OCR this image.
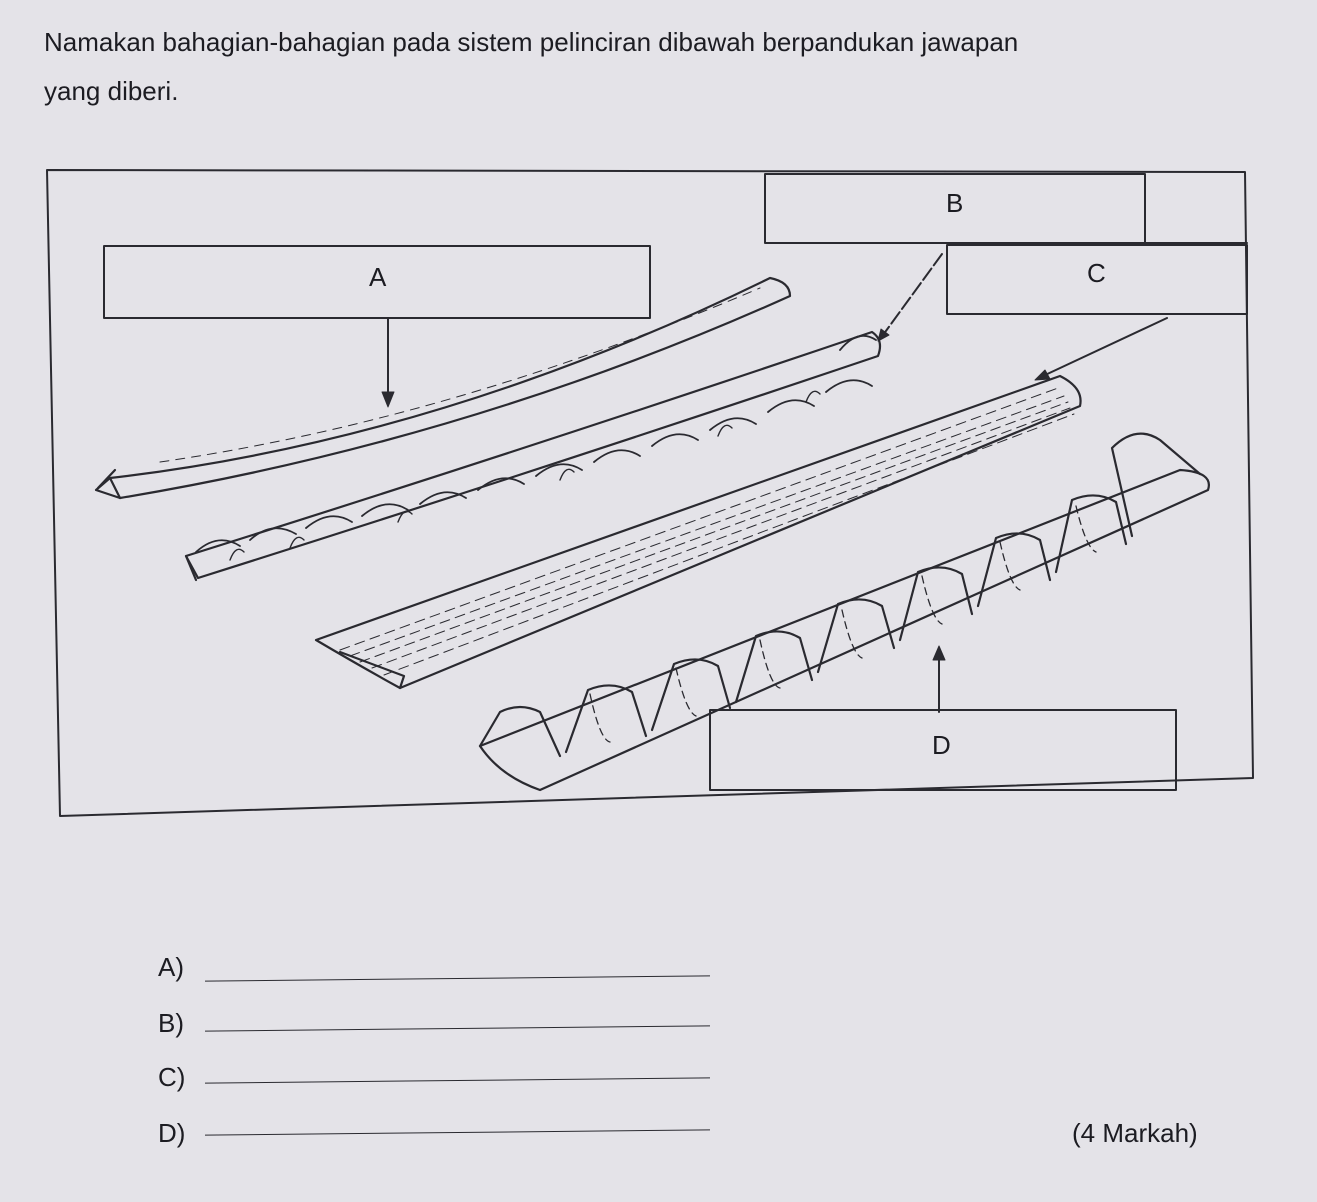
Namakan bahagian-bahagian pada sistem pelinciran dibawah berpandukan jawapan
yang diberi.

A
B
C
D
A)
B)
C)
D)	(4 Markah)
